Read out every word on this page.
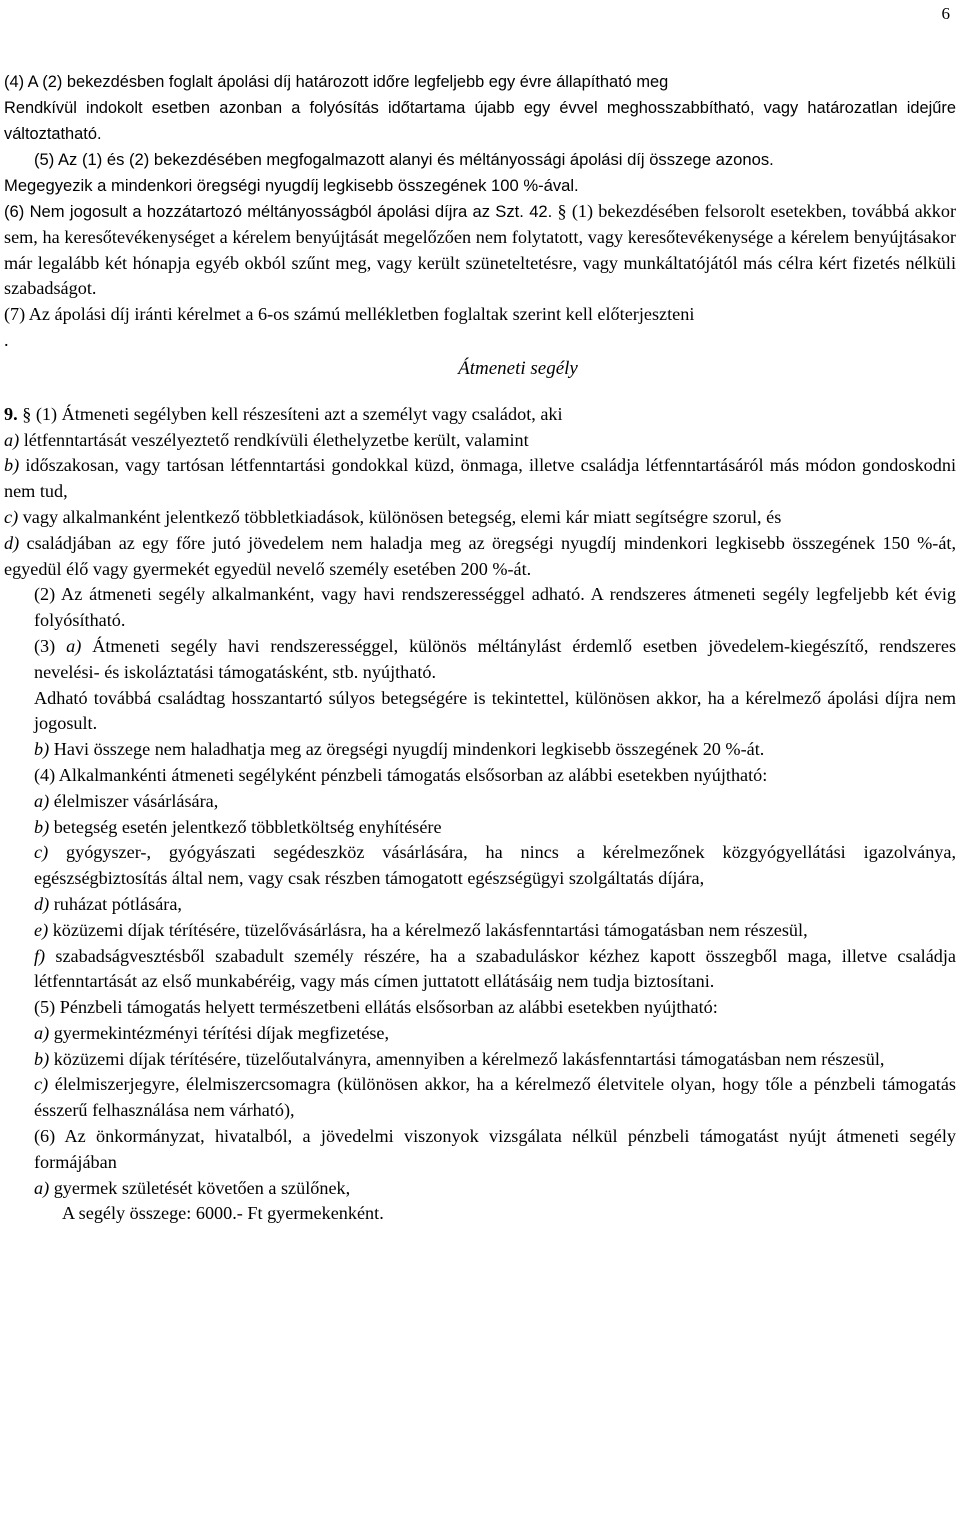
6

(4) A (2) bekezdésben foglalt ápolási díj határozott időre legfeljebb egy évre állapítható meg

Rendkívül indokolt esetben azonban a folyósítás időtartama újabb egy évvel meghosszabbítható, vagy határozatlan idejűre változtatható.

(5) Az (1) és (2) bekezdésében megfogalmazott alanyi és méltányossági ápolási díj összege azonos.

Megegyezik a mindenkori öregségi nyugdíj legkisebb összegének 100 %-ával.

(6) Nem jogosult a hozzátartozó méltányosságból ápolási díjra az Szt. 42. § (1) bekezdésében felsorolt esetekben, továbbá akkor sem, ha keresőtevékenységet a kérelem benyújtását megelőzően nem folytatott, vagy keresőtevékenysége a kérelem benyújtásakor már legalább két hónapja egyéb okból szűnt meg, vagy került szüneteltetésre, vagy munkáltatójától más célra kért fizetés nélküli szabadságot.

(7) Az ápolási díj iránti kérelmet a 6-os számú mellékletben foglaltak szerint kell előterjeszteni

.

Átmeneti segély

9. § (1) Átmeneti segélyben kell részesíteni azt a személyt vagy családot, aki

a) létfenntartását veszélyeztető rendkívüli élethelyzetbe került, valamint

b) időszakosan, vagy tartósan létfenntartási gondokkal küzd, önmaga, illetve családja létfenntartásáról más módon gondoskodni nem tud,

c) vagy alkalmanként jelentkező többletkiadások, különösen betegség, elemi kár miatt segítségre szorul, és

d) családjában az egy főre jutó jövedelem nem haladja meg az öregségi nyugdíj mindenkori legkisebb összegének 150 %-át, egyedül élő vagy gyermekét egyedül nevelő személy esetében 200 %-át.

(2) Az átmeneti segély alkalmanként, vagy havi rendszerességgel adható. A rendszeres átmeneti segély legfeljebb két évig folyósítható.

(3) a) Átmeneti segély havi rendszerességgel, különös méltánylást érdemlő esetben jövedelem-kiegészítő, rendszeres nevelési- és iskoláztatási támogatásként, stb. nyújtható.

Adható továbbá családtag hosszantartó súlyos betegségére is tekintettel, különösen akkor, ha a kérelmező ápolási díjra nem jogosult.

b) Havi összege nem haladhatja meg az öregségi nyugdíj mindenkori legkisebb összegének 20 %-át.

(4) Alkalmankénti átmeneti segélyként pénzbeli támogatás elsősorban az alábbi esetekben nyújtható:

a) élelmiszer vásárlására,

b) betegség esetén jelentkező többletköltség enyhítésére

c) gyógyszer-, gyógyászati segédeszköz vásárlására, ha nincs a kérelmezőnek közgyógyellátási igazolványa, egészségbiztosítás által nem, vagy csak részben támogatott egészségügyi szolgáltatás díjára,

d) ruházat pótlására,

e) közüzemi díjak térítésére, tüzelővásárlásra, ha a kérelmező lakásfenntartási támogatásban nem részesül,

f) szabadságvesztésből szabadult személy részére, ha a szabaduláskor kézhez kapott összegből maga, illetve családja létfenntartását az első munkabéréig, vagy más címen juttatott ellátásáig nem tudja biztosítani.

(5) Pénzbeli támogatás helyett természetbeni ellátás elsősorban az alábbi esetekben nyújtható:

a) gyermekintézményi térítési díjak megfizetése,

b) közüzemi díjak térítésére, tüzelőutalványra, amennyiben a kérelmező lakásfenntartási támogatásban nem részesül,

c) élelmiszerjegyre, élelmiszercsomagra (különösen akkor, ha a kérelmező életvitele olyan, hogy tőle a pénzbeli támogatás ésszerű felhasználása nem várható),

(6) Az önkormányzat, hivatalból, a jövedelmi viszonyok vizsgálata nélkül pénzbeli támogatást nyújt átmeneti segély formájában

a) gyermek születését követően a szülőnek,

A segély összege: 6000.- Ft gyermekenként.
